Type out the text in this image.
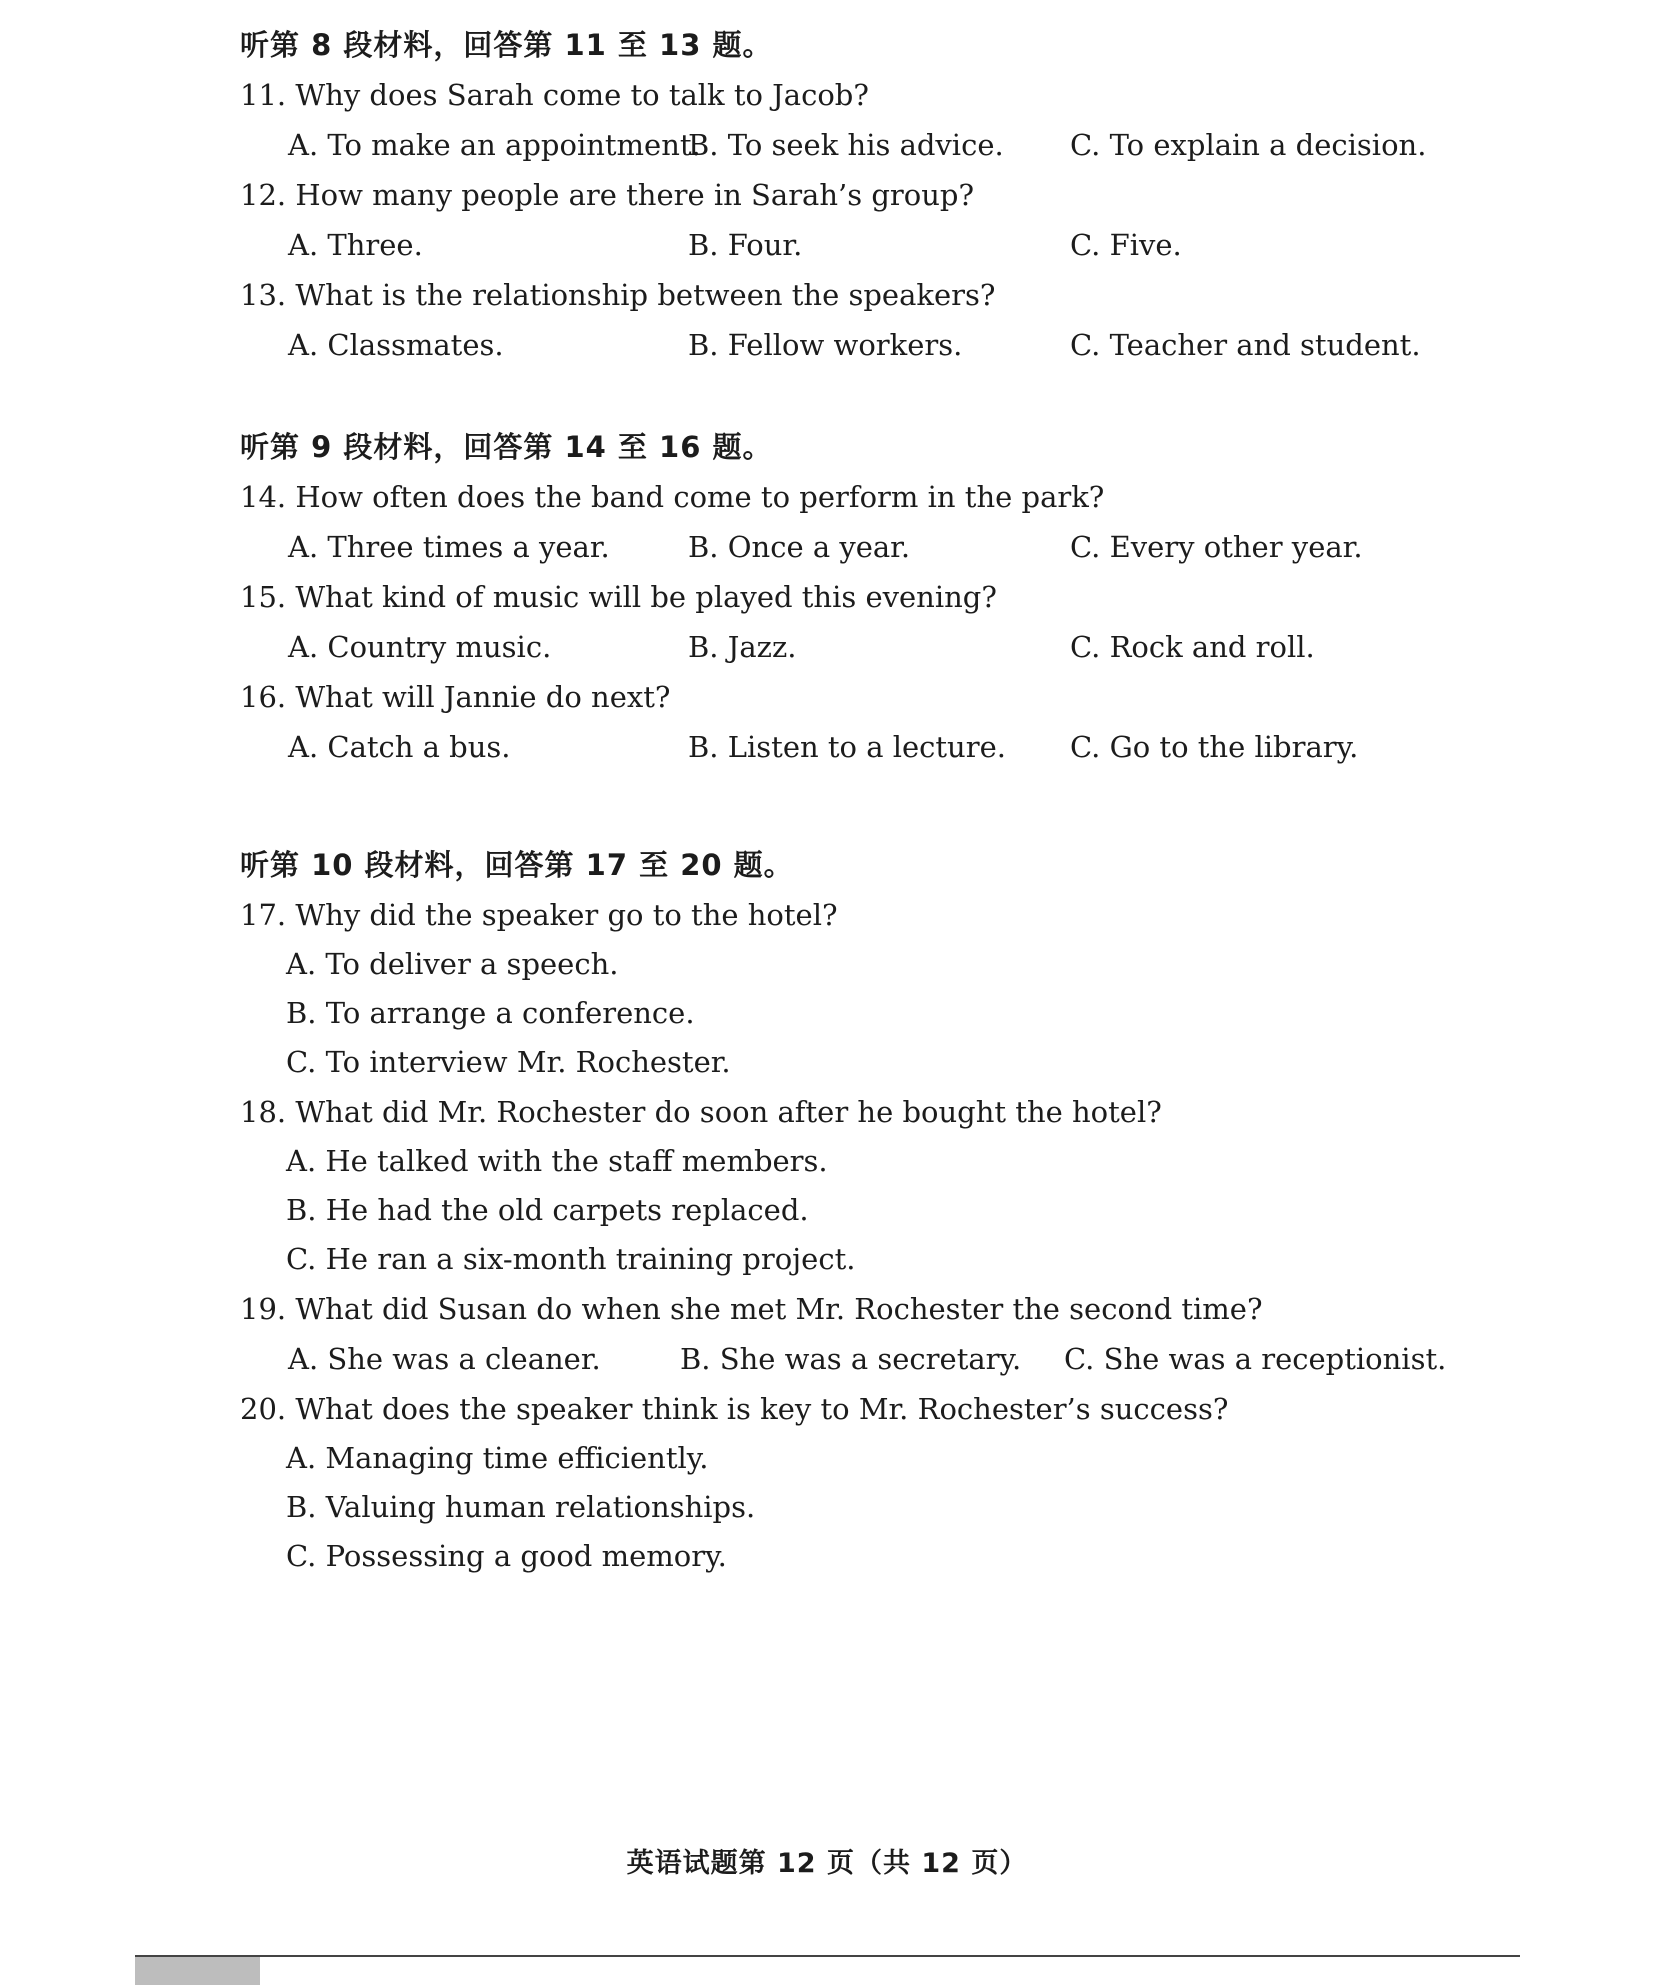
听第 8 段材料，回答第 11 至 13 题。
11. Why does Sarah come to talk to Jacob?
A. To make an appointment.
B. To seek his advice. C. To explain a decision.
12. How many people are there in Sarah’s group?
A. Three.	B. Four.	C. Five.
13. What is the relationship between the speakers?
A. Classmates.	B. Fellow workers.	C. Teacher and student.
听第 9 段材料，回答第 14 至 16 题。
14. How often does the band come to perform in the park?
A. Three times a year.	B. Once a year.	C. Every other year.
15. What kind of music will be played this evening?
A. Country music.	B. Jazz.	C. Rock and roll.
16. What will Jannie do next?
A. Catch a bus.	B. Listen to a lecture. C. Go to the library.
听第 10 段材料，回答第 17 至 20 题。
17. Why did the speaker go to the hotel?
A. To deliver a speech.
B. To arrange a conference.
C. To interview Mr. Rochester.
18. What did Mr. Rochester do soon after he bought the hotel?
A. He talked with the staff members.
B. He had the old carpets replaced.
C. He ran a six-month training project.
19. What did Susan do when she met Mr. Rochester the second time?
A. She was a cleaner.	B. She was a secretary. C. She was a receptionist.
20. What does the speaker think is key to Mr. Rochester’s success?
A. Managing time efficiently.
B. Valuing human relationships.
C. Possessing a good memory.
英语试题第 12 页（共 12 页）
